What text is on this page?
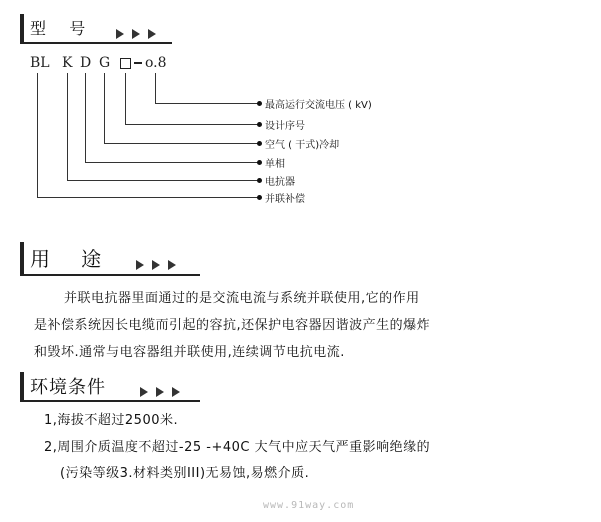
型   号
BL K D G o.8
最高运行交流电压 ( kV)
设计序号
空气 ( 干式)冷却
单相
电抗器
并联补偿
用   途
并联电抗器里面通过的是交流电流与系统并联使用,它的作用
是补偿系统因长电缆而引起的容抗,还保护电容器因谐波产生的爆炸
和毁坏.通常与电容器组并联使用,连续调节电抗电流.
环境条件
1,海拔不超过2500米.
2,周围介质温度不超过-25 -+40C 大气中应天气严重影响绝缘的
(污染等级3.材料类别III)无易蚀,易燃介质.
www.91way.com
